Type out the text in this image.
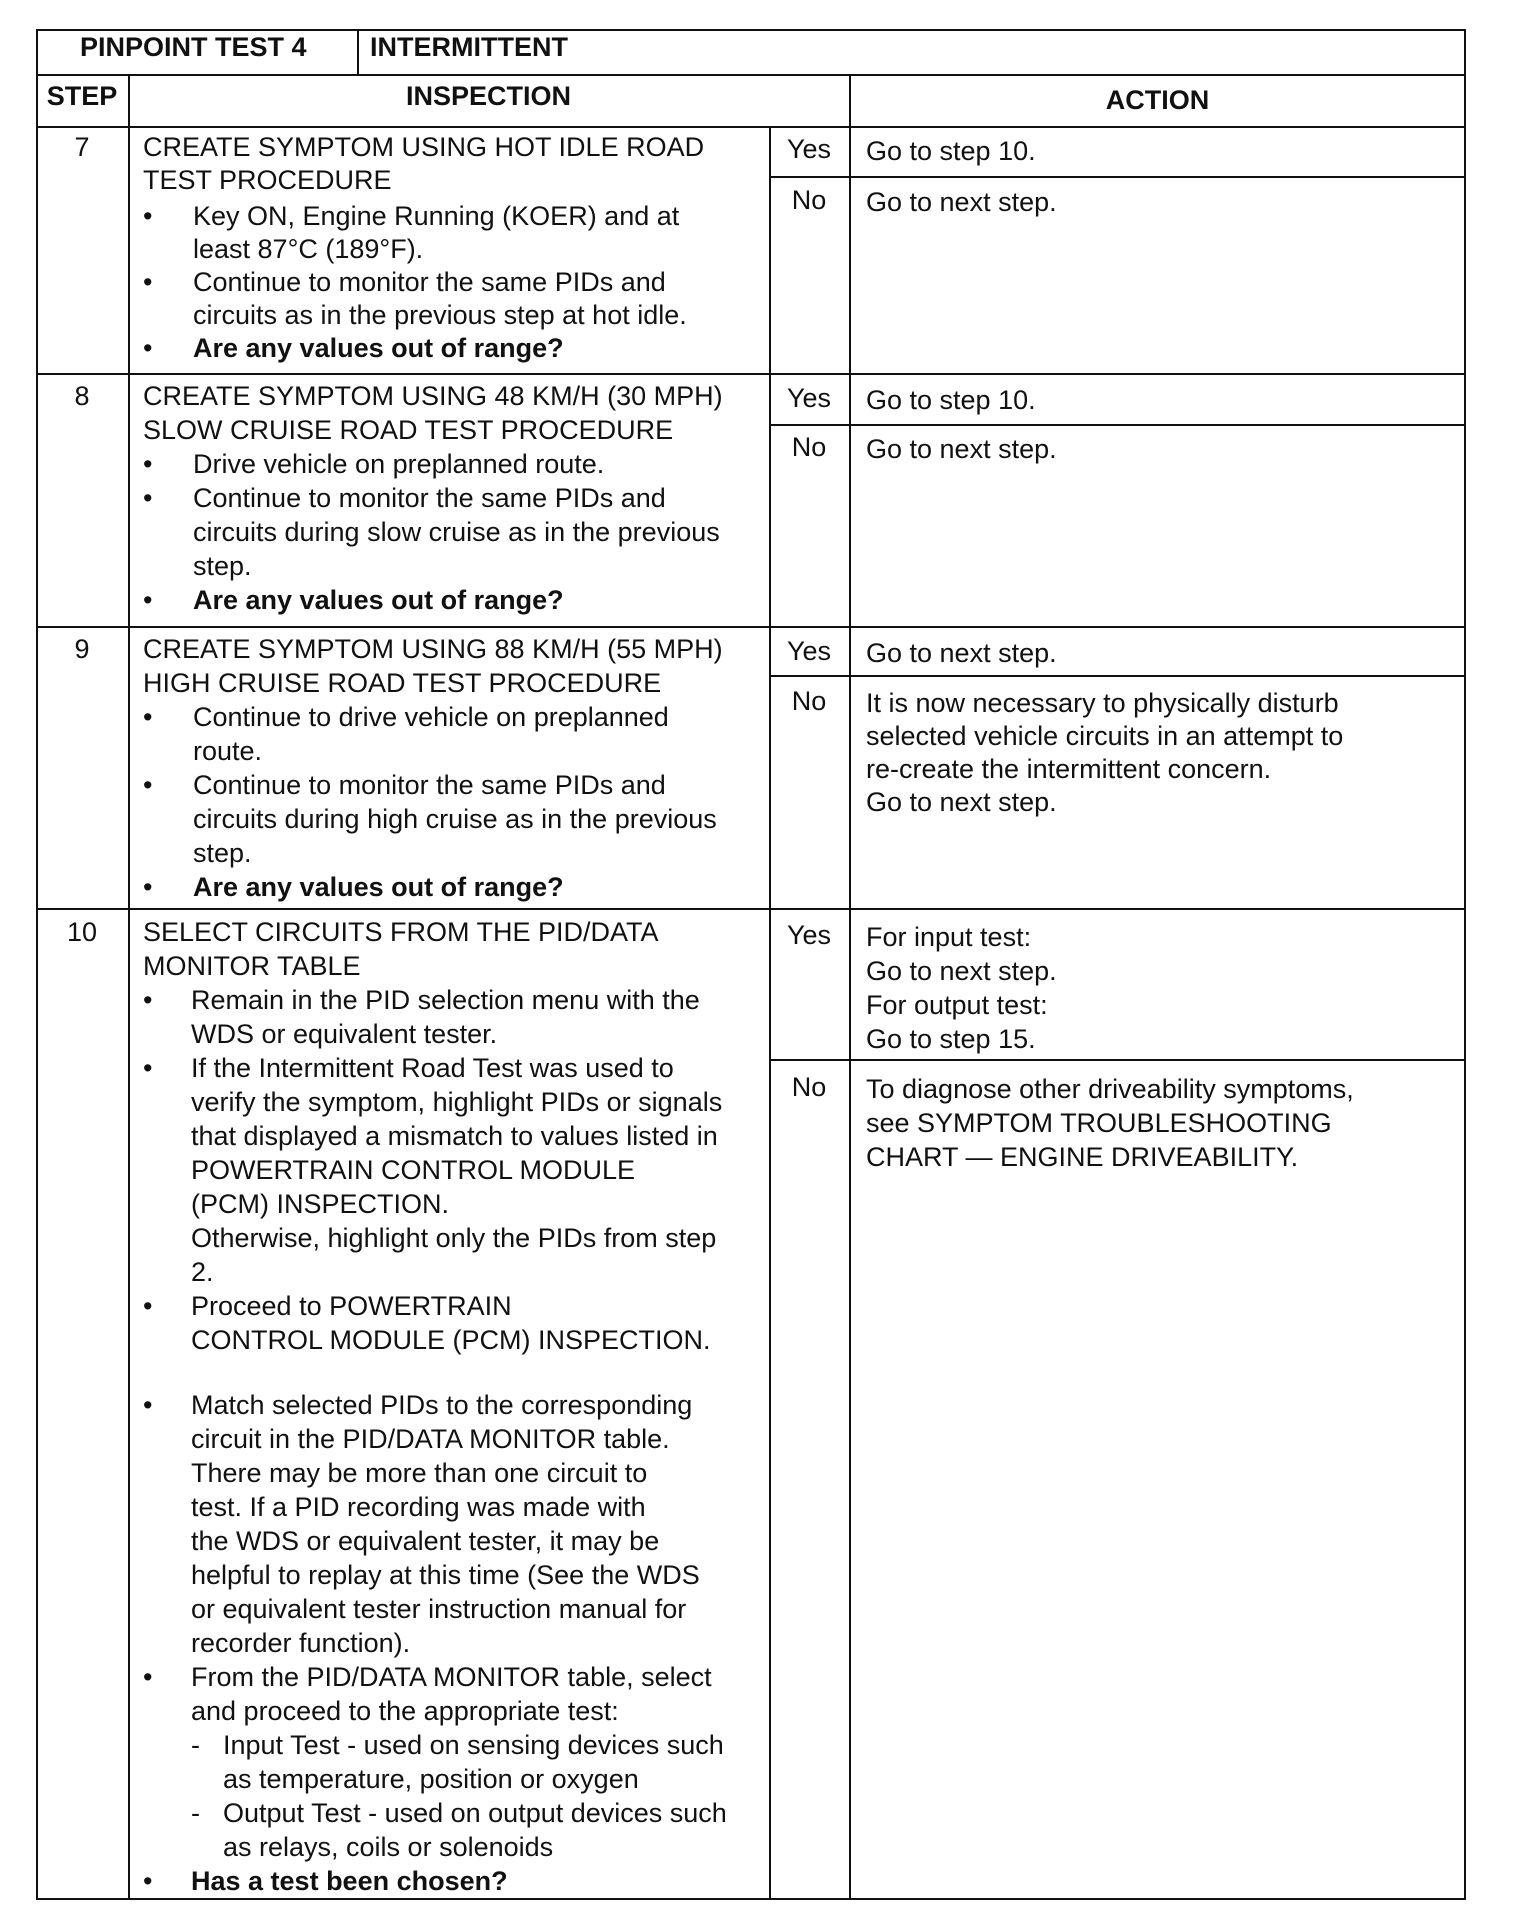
PINPOINT TEST 4 INTERMITTENT
STEP	INSPECTION	ACTION
7	CREATE SYMPTOM USING HOT IDLE ROAD
TEST PROCEDURE
• Key ON, Engine Running (KOER) and at
least 87°C (189°F).
• Continue to monitor the same PIDs and
circuits as in the previous step at hot idle.
• Are any values out of range?
Yes	Go to step 10.
No	Go to next step.
8	CREATE SYMPTOM USING 48 KM/H (30 MPH)
SLOW CRUISE ROAD TEST PROCEDURE
• Drive vehicle on preplanned route.
• Continue to monitor the same PIDs and
circuits during slow cruise as in the previous
step.
• Are any values out of range?
Yes	Go to step 10.
No	Go to next step.
9	CREATE SYMPTOM USING 88 KM/H (55 MPH)
HIGH CRUISE ROAD TEST PROCEDURE
• Continue to drive vehicle on preplanned
route.
• Continue to monitor the same PIDs and
circuits during high cruise as in the previous
step.
• Are any values out of range?
Yes	Go to next step.
No	It is now necessary to physically disturb
selected vehicle circuits in an attempt to
re-create the intermittent concern.
Go to next step.
10	SELECT CIRCUITS FROM THE PID/DATA
MONITOR TABLE
• Remain in the PID selection menu with the
WDS or equivalent tester.
• If the Intermittent Road Test was used to
verify the symptom, highlight PIDs or signals
that displayed a mismatch to values listed in
POWERTRAIN CONTROL MODULE
(PCM) INSPECTION.
Otherwise, highlight only the PIDs from step
2.
• Proceed to POWERTRAIN
CONTROL MODULE (PCM) INSPECTION.
• Match selected PIDs to the corresponding
circuit in the PID/DATA MONITOR table.
There may be more than one circuit to
test. If a PID recording was made with
the WDS or equivalent tester, it may be
helpful to replay at this time (See the WDS
or equivalent tester instruction manual for
recorder function).
• From the PID/DATA MONITOR table, select
and proceed to the appropriate test:
- Input Test - used on sensing devices such
as temperature, position or oxygen
- Output Test - used on output devices such
as relays, coils or solenoids
• Has a test been chosen?
Yes	For input test:
Go to next step.
For output test:
Go to step 15.
No	To diagnose other driveability symptoms,
see SYMPTOM TROUBLESHOOTING
CHART — ENGINE DRIVEABILITY.
